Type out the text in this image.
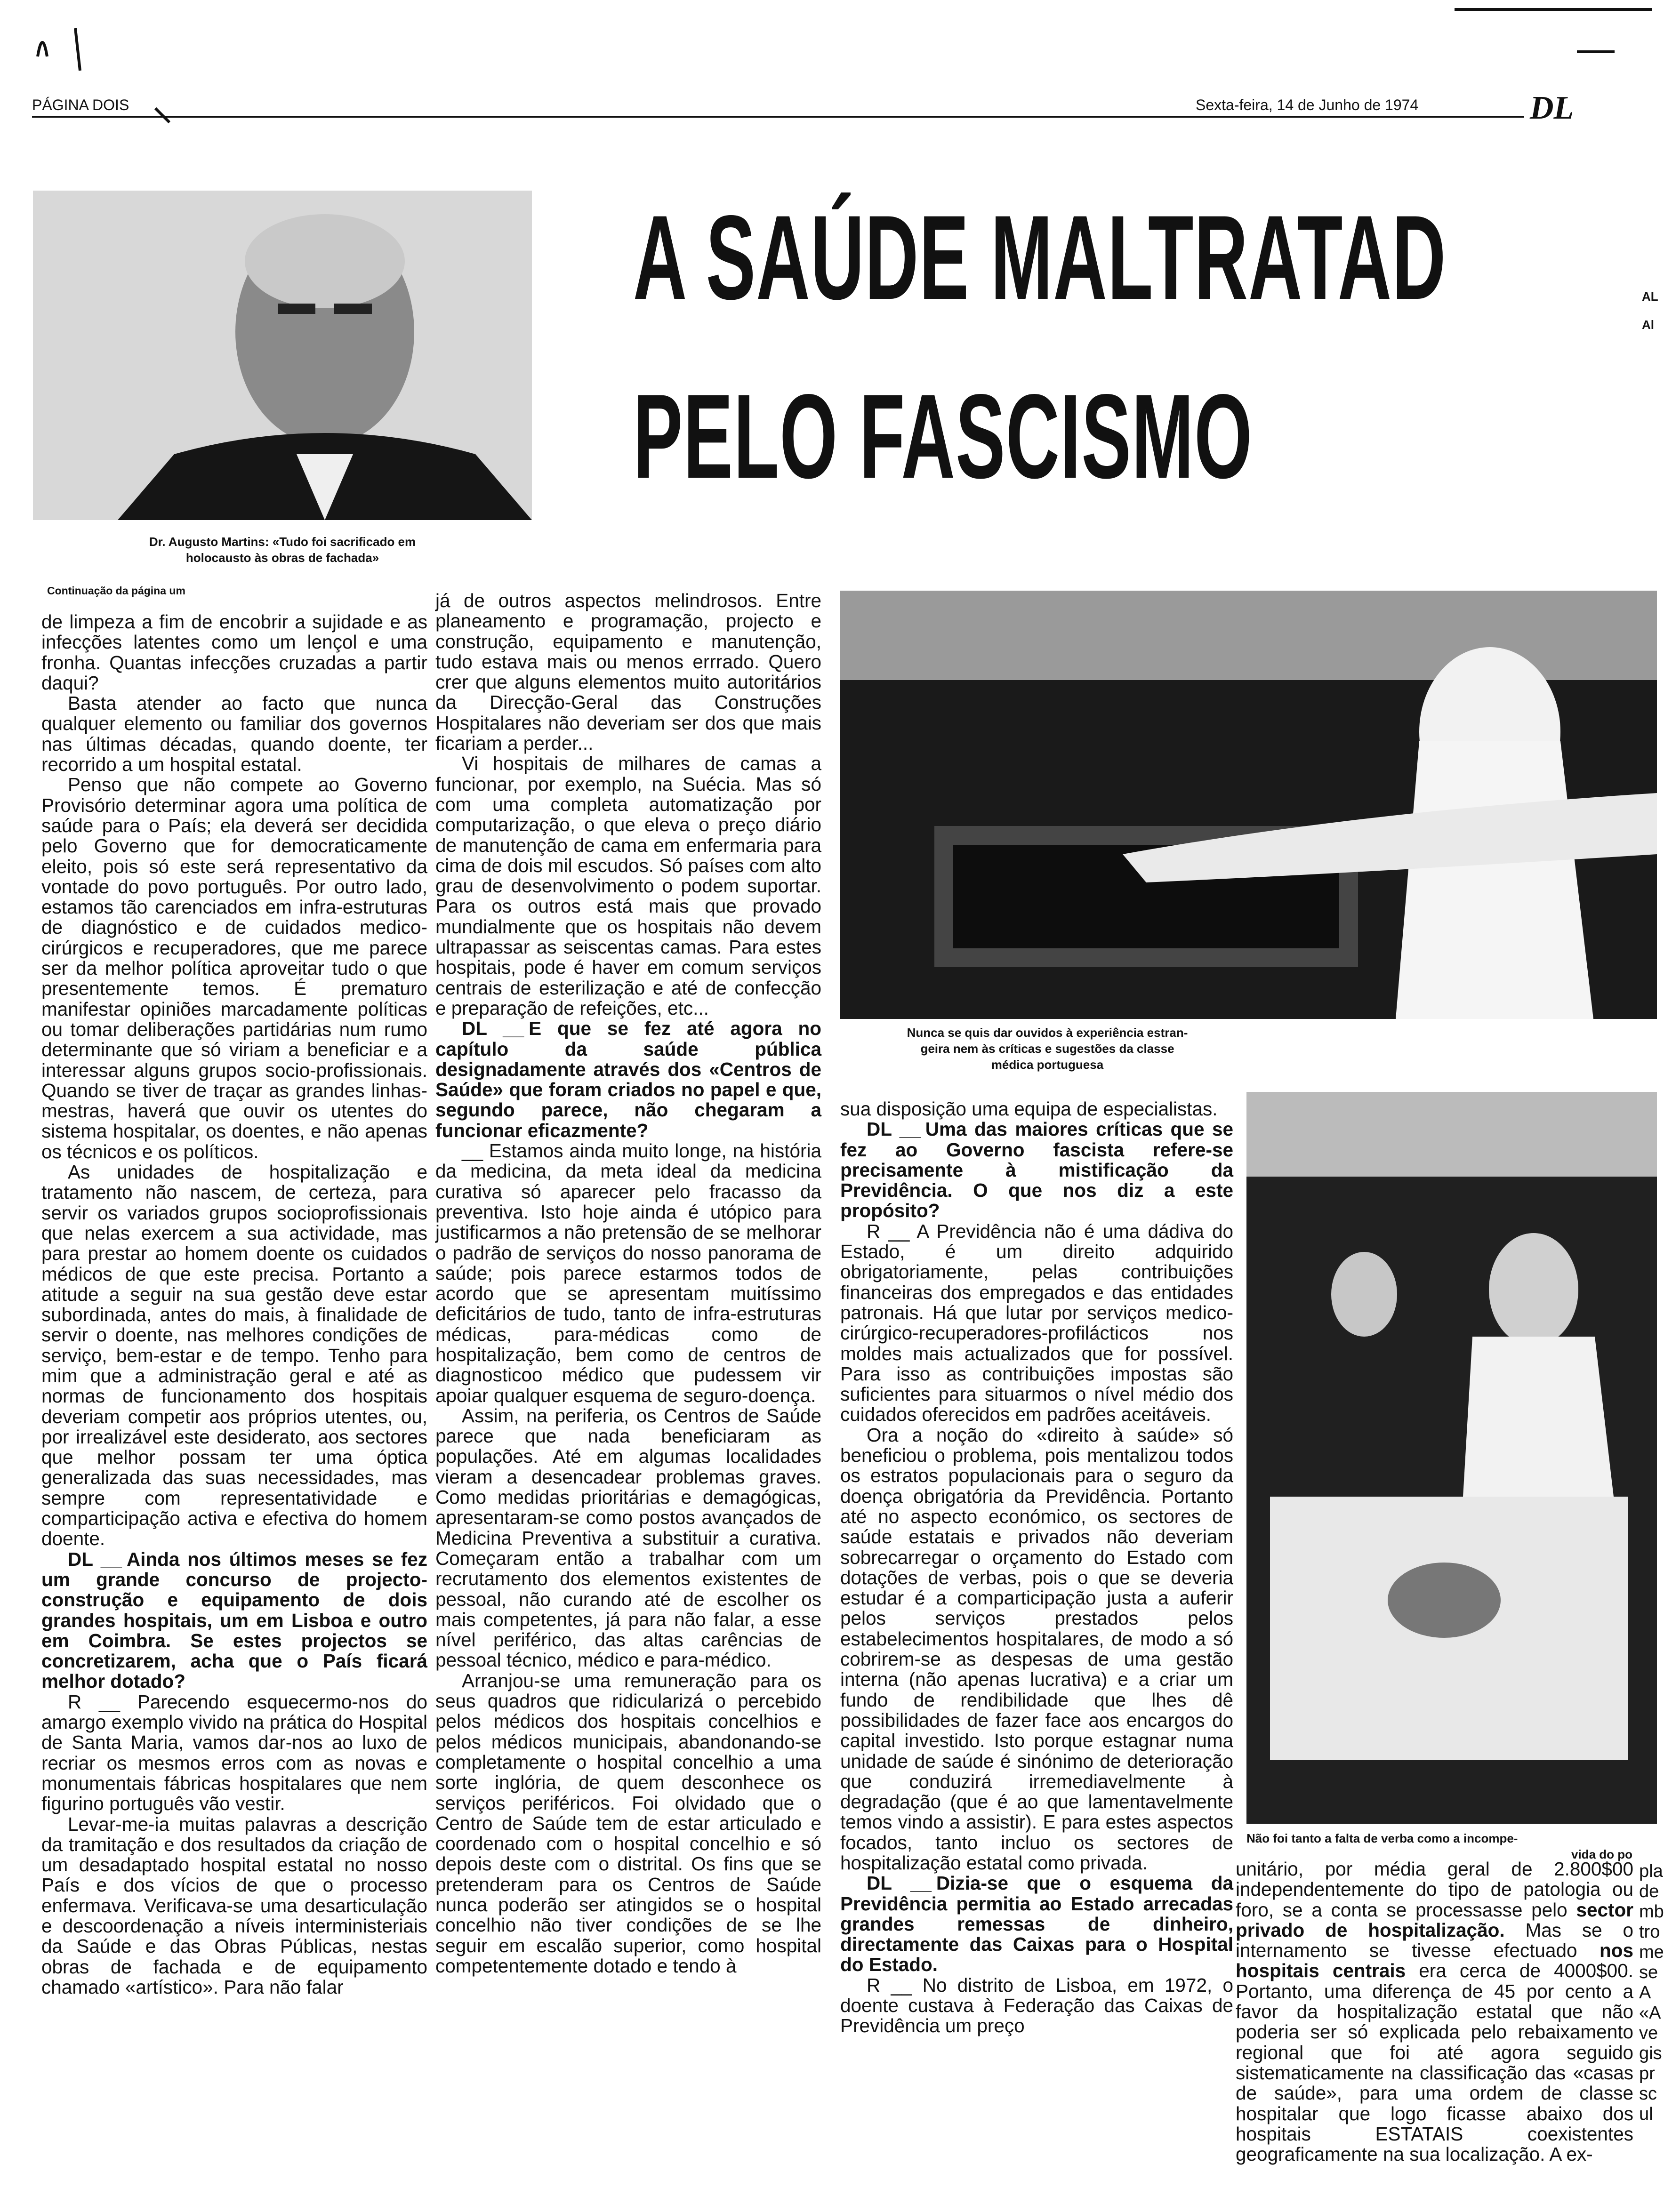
PÁGINA DOIS	Sexta-feira, 14 de Junho de 1974	DL
Dr. Augusto Martins: «Tudo foi sacrificado em
holocausto às obras de fachada»
A SAÚDE MALTRATAD
PELO FASCISMO
AL
Al
Continuação da página um
Nunca se quis dar ouvidos à experiência estran-
geira nem às críticas e sugestões da classe
médica portuguesa
Não foi tanto a falta de verba como a incompe-
vida do po

de limpeza a fim de encobrir a sujidade e as infecções latentes como um lençol e uma fronha. Quantas infecções cruzadas a partir daqui?

Basta atender ao facto que nunca qualquer elemento ou familiar dos governos nas últimas décadas, quando doente, ter recorrido a um hospital estatal.

Penso que não compete ao Governo Provisório determinar agora uma política de saúde para o País; ela deverá ser decidida pelo Governo que for democraticamente eleito, pois só este será representativo da vontade do povo português. Por outro lado, estamos tão carenciados em infra-estruturas de diagnóstico e de cuidados medico-cirúrgicos e recuperadores, que me parece ser da melhor política aproveitar tudo o que presentemente temos. É prematuro manifestar opiniões marcadamente políticas ou tomar deliberações partidárias num rumo determinante que só viriam a beneficiar e a interessar alguns grupos socio-profissionais. Quando se tiver de traçar as grandes linhas-mestras, haverá que ouvir os utentes do sistema hospitalar, os doentes, e não apenas os técnicos e os políticos.

As unidades de hospitalização e tratamento não nascem, de certeza, para servir os variados grupos socioprofissionais que nelas exercem a sua actividade, mas para prestar ao homem doente os cuidados médicos de que este precisa. Portanto a atitude a seguir na sua gestão deve estar subordinada, antes do mais, à finalidade de servir o doente, nas melhores condições de serviço, bem-estar e de tempo. Tenho para mim que a administração geral e até as normas de funcionamento dos hospitais deveriam competir aos próprios utentes, ou, por irrealizável este desiderato, aos sectores que melhor possam ter uma óptica generalizada das suas necessidades, mas sempre com representatividade e comparticipação activa e efectiva do homem doente.

DL __ Ainda nos últimos meses se fez um grande concurso de projecto-construção e equipamento de dois grandes hospitais, um em Lisboa e outro em Coimbra. Se estes projectos se concretizarem, acha que o País ficará melhor dotado?

R __ Parecendo esquecermo-nos do amargo exemplo vivido na prática do Hospital de Santa Maria, vamos dar-nos ao luxo de recriar os mesmos erros com as novas e monumentais fábricas hospitalares que nem figurino português vão vestir.

Levar-me-ia muitas palavras a descrição da tramitação e dos resultados da criação de um desadaptado hospital estatal no nosso País e dos vícios de que o processo enfermava. Verificava-se uma desarticulação e descoordenação a níveis interministeriais da Saúde e das Obras Públicas, nestas obras de fachada e de equipamento chamado «artístico». Para não falar

já de outros aspectos melindrosos. Entre planeamento e programação, projecto e construção, equipamento e manutenção, tudo estava mais ou menos errrado. Quero crer que alguns elementos muito autoritários da Direcção-Geral das Construções Hospitalares não deveriam ser dos que mais ficariam a perder...

Vi hospitais de milhares de camas a funcionar, por exemplo, na Suécia. Mas só com uma completa automatização por computarização, o que eleva o preço diário de manutenção de cama em enfermaria para cima de dois mil escudos. Só países com alto grau de desenvolvimento o podem suportar. Para os outros está mais que provado mundialmente que os hospitais não devem ultrapassar as seiscentas camas. Para estes hospitais, pode é haver em comum serviços centrais de esterilização e até de confecção e preparação de refeições, etc...

DL __ E que se fez até agora no capítulo da saúde pública designadamente através dos «Centros de Saúde» que foram criados no papel e que, segundo parece, não chegaram a funcionar eficazmente?

__ Estamos ainda muito longe, na história da medicina, da meta ideal da medicina curativa só aparecer pelo fracasso da preventiva. Isto hoje ainda é utópico para justificarmos a não pretensão de se melhorar o padrão de serviços do nosso panorama de saúde; pois parece estarmos todos de acordo que se apresentam muitíssimo deficitários de tudo, tanto de infra-estruturas médicas, para-médicas como de hospitalização, bem como de centros de diagnosticoo médico que pudessem vir apoiar qualquer esquema de seguro-doença.

Assim, na periferia, os Centros de Saúde parece que nada beneficiaram as populações. Até em algumas localidades vieram a desencadear problemas graves. Como medidas prioritárias e demagógicas, apresentaram-se como postos avançados de Medicina Preventiva a substituir a curativa. Começaram então a trabalhar com um recrutamento dos elementos existentes de pessoal, não curando até de escolher os mais competentes, já para não falar, a esse nível periférico, das altas carências de pessoal técnico, médico e para-médico.

Arranjou-se uma remuneração para os seus quadros que ridicularizá o percebido pelos médicos dos hospitais concelhios e pelos médicos municipais, abandonando-se completamente o hospital concelhio a uma sorte inglória, de quem desconhece os serviços periféricos. Foi olvidado que o Centro de Saúde tem de estar articulado e coordenado com o hospital concelhio e só depois deste com o distrital. Os fins que se pretenderam para os Centros de Saúde nunca poderão ser atingidos se o hospital concelhio não tiver condições de se lhe seguir em escalão superior, como hospital competentemente dotado e tendo à

sua disposição uma equipa de especialistas.

DL __ Uma das maiores críticas que se fez ao Governo fascista refere-se precisamente à mistificação da Previdência. O que nos diz a este propósito?

R __ A Previdência não é uma dádiva do Estado, é um direito adquirido obrigatoriamente, pelas contribuições financeiras dos empregados e das entidades patronais. Há que lutar por serviços medico-cirúrgico-recuperadores-profilácticos nos moldes mais actualizados que for possível. Para isso as contribuições impostas são suficientes para situarmos o nível médio dos cuidados oferecidos em padrões aceitáveis.

Ora a noção do «direito à saúde» só beneficiou o problema, pois mentalizou todos os estratos populacionais para o seguro da doença obrigatória da Previdência. Portanto até no aspecto económico, os sectores de saúde estatais e privados não deveriam sobrecarregar o orçamento do Estado com dotações de verbas, pois o que se deveria estudar é a comparticipação justa a auferir pelos serviços prestados pelos estabelecimentos hospitalares, de modo a só cobrirem-se as despesas de uma gestão interna (não apenas lucrativa) e a criar um fundo de rendibilidade que lhes dê possibilidades de fazer face aos encargos do capital investido. Isto porque estagnar numa unidade de saúde é sinónimo de deterioração que conduzirá irremediavelmente à degradação (que é ao que lamentavelmente temos vindo a assistir). E para estes aspectos focados, tanto incluo os sectores de hospitalização estatal como privada.

DL __ Dizia-se que o esquema da Previdência permitia ao Estado arrecadas grandes remessas de dinheiro, directamente das Caixas para o Hospital do Estado.

R __ No distrito de Lisboa, em 1972, o doente custava à Federação das Caixas de Previdência um preço

unitário, por média geral de 2.800$00 independentemente do tipo de patologia ou foro, se a conta se processasse pelo sector privado de hospitalização. Mas se o internamento se tivesse efectuado nos hospitais centrais era cerca de 4000$00. Portanto, uma diferença de 45 por cento a favor da hospitalização estatal que não poderia ser só explicada pelo rebaixamento regional que foi até agora seguido sistematicamente na classificação das «casas de saúde», para uma ordem de classe hospitalar que logo ficasse abaixo dos hospitais ESTATAIS coexistentes geograficamente na sua localização. A ex-

pla
de
mb
tro
me
se
A
«A
ve
gis
pr
sc
ul
